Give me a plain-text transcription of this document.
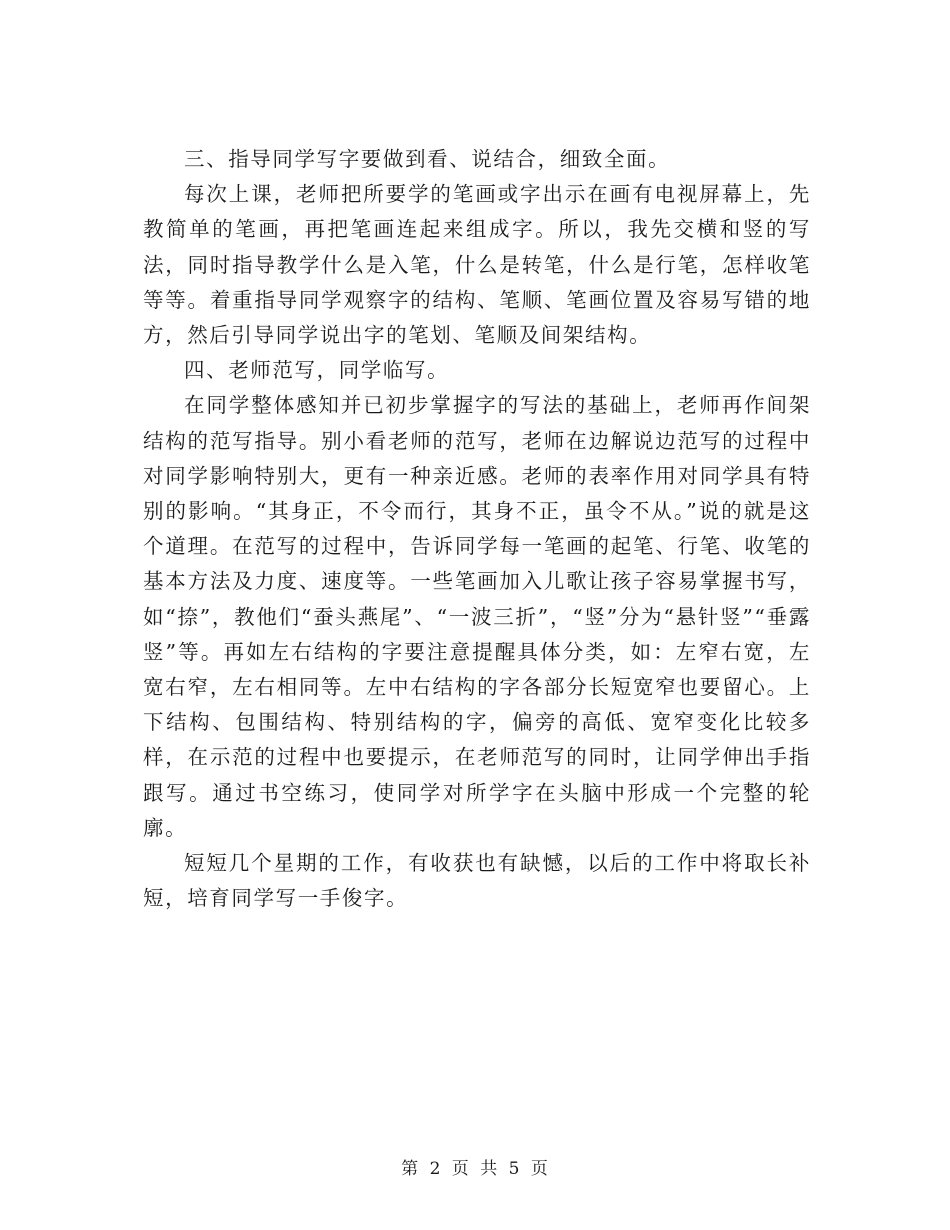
三、指导同学写字要做到看、说结合，细致全面。

每次上课，老师把所要学的笔画或字出示在画有电视屏幕上，先教简单的笔画，再把笔画连起来组成字。所以，我先交横和竖的写法，同时指导教学什么是入笔，什么是转笔，什么是行笔，怎样收笔等等。着重指导同学观察字的结构、笔顺、笔画位置及容易写错的地方，然后引导同学说出字的笔划、笔顺及间架结构。

四、老师范写，同学临写。

在同学整体感知并已初步掌握字的写法的基础上，老师再作间架结构的范写指导。别小看老师的范写，老师在边解说边范写的过程中对同学影响特别大，更有一种亲近感。老师的表率作用对同学具有特别的影响。“其身正，不令而行，其身不正，虽令不从。”说的就是这个道理。在范写的过程中，告诉同学每一笔画的起笔、行笔、收笔的基本方法及力度、速度等。一些笔画加入儿歌让孩子容易掌握书写，如“捺”，教他们“蚕头燕尾”、“一波三折”，“竖”分为“悬针竖”“垂露竖”等。再如左右结构的字要注意提醒具体分类，如：左窄右宽，左宽右窄，左右相同等。左中右结构的字各部分长短宽窄也要留心。上下结构、包围结构、特别结构的字，偏旁的高低、宽窄变化比较多样，在示范的过程中也要提示，在老师范写的同时，让同学伸出手指跟写。通过书空练习，使同学对所学字在头脑中形成一个完整的轮廓。

短短几个星期的工作，有收获也有缺憾，以后的工作中将取长补短，培育同学写一手俊字。

第 2 页 共 5 页
